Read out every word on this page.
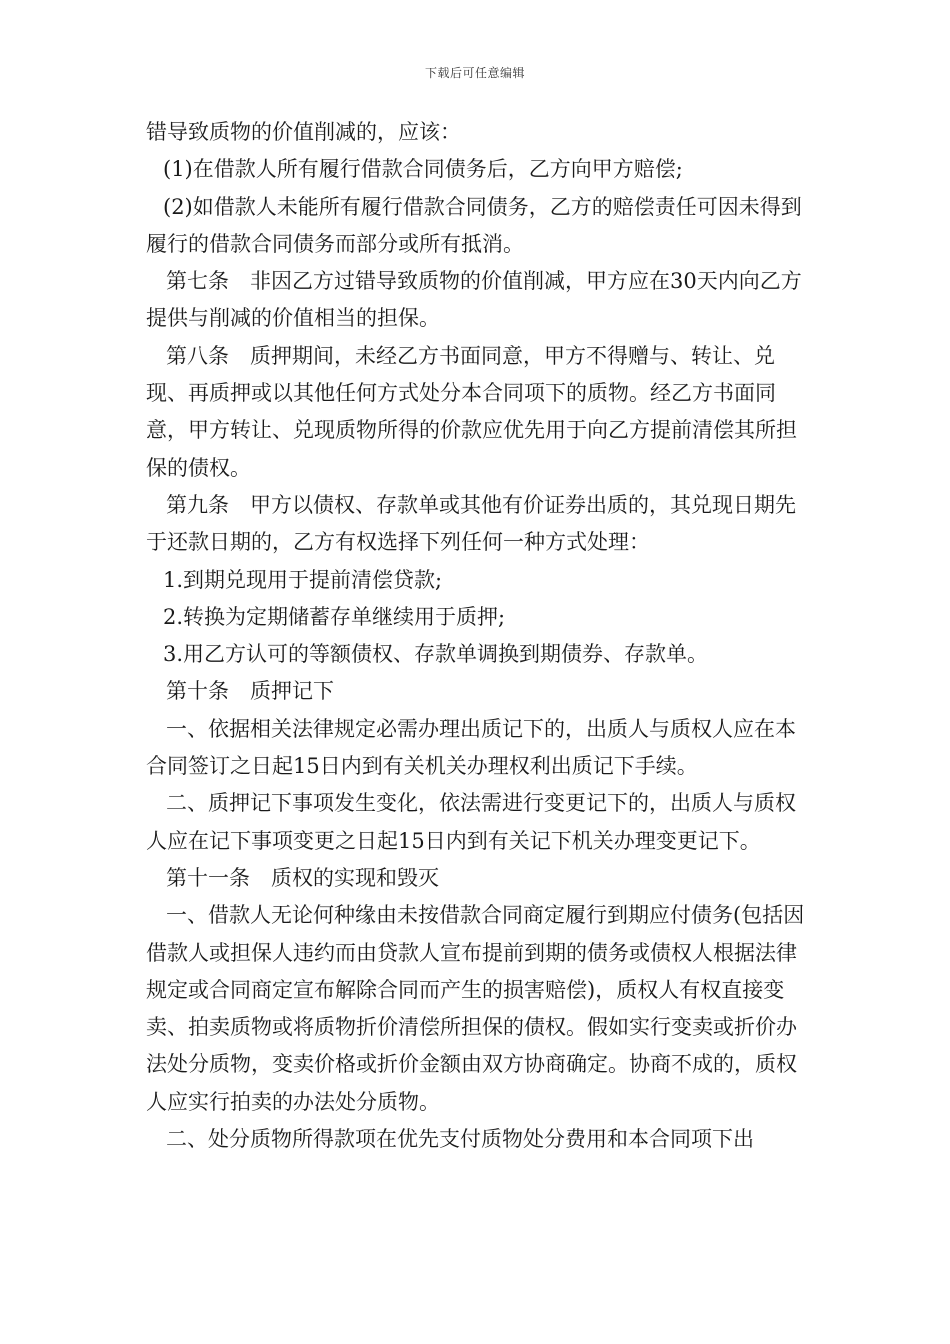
下载后可任意编辑

错导致质物的价值削减的，应该：

(1)在借款人所有履行借款合同债务后，乙方向甲方赔偿;

(2)如借款人未能所有履行借款合同债务，乙方的赔偿责任可因未得到履行的借款合同债务而部分或所有抵消。

第七条　非因乙方过错导致质物的价值削减，甲方应在30天内向乙方提供与削减的价值相当的担保。

第八条　质押期间，未经乙方书面同意，甲方不得赠与、转让、兑现、再质押或以其他任何方式处分本合同项下的质物。经乙方书面同意，甲方转让、兑现质物所得的价款应优先用于向乙方提前清偿其所担保的债权。

第九条　甲方以债权、存款单或其他有价证券出质的，其兑现日期先于还款日期的，乙方有权选择下列任何一种方式处理：

1.到期兑现用于提前清偿贷款;

2.转换为定期储蓄存单继续用于质押;

3.用乙方认可的等额债权、存款单调换到期债券、存款单。

第十条　质押记下

一、依据相关法律规定必需办理出质记下的，出质人与质权人应在本合同签订之日起15日内到有关机关办理权利出质记下手续。

二、质押记下事项发生变化，依法需进行变更记下的，出质人与质权人应在记下事项变更之日起15日内到有关记下机关办理变更记下。

第十一条　质权的实现和毁灭

一、借款人无论何种缘由未按借款合同商定履行到期应付债务(包括因借款人或担保人违约而由贷款人宣布提前到期的债务或债权人根据法律规定或合同商定宣布解除合同而产生的损害赔偿)，质权人有权直接变卖、拍卖质物或将质物折价清偿所担保的债权。假如实行变卖或折价办法处分质物，变卖价格或折价金额由双方协商确定。协商不成的，质权人应实行拍卖的办法处分质物。

二、处分质物所得款项在优先支付质物处分费用和本合同项下出
